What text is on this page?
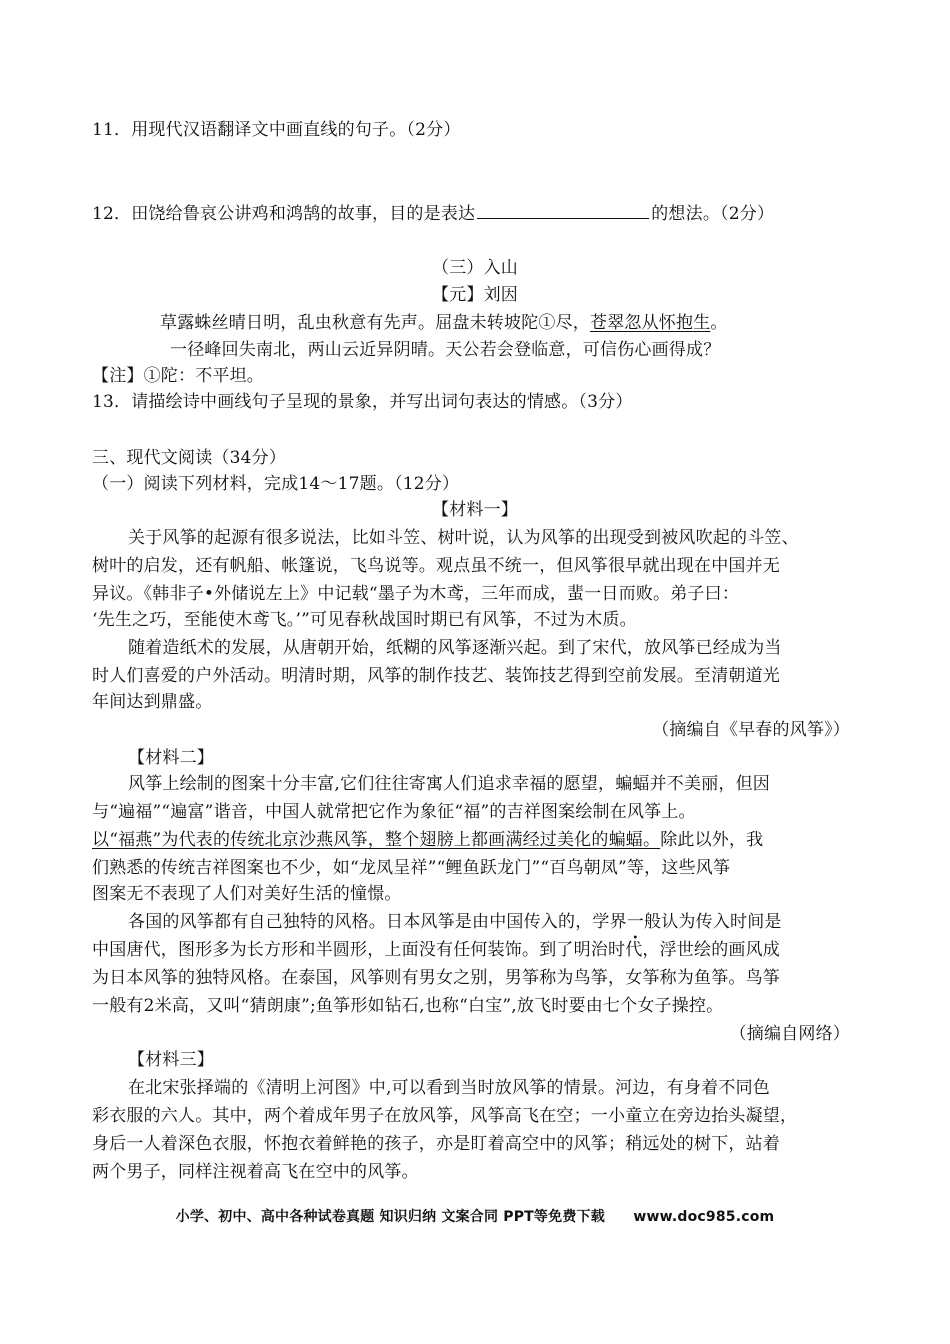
11．用现代汉语翻译文中画直线的句子。（2分）
12．田饶给鲁哀公讲鸡和鸿鹄的故事，目的是表达	的想法。（2分）
（三）入山
【元】刘因
草露蛛丝晴日明，乱虫秋意有先声。屈盘未转坡陀①尽，苍翠忽从怀抱生。
一径峰回失南北，两山云近异阴晴。天公若会登临意，可信伤心画得成？
【注】①陀：不平坦。
13．请描绘诗中画线句子呈现的景象，并写出词句表达的情感。（3分）
三、现代文阅读（34分）
（一）阅读下列材料，完成14～17题。（12分）
【材料一】
关于风筝的起源有很多说法，比如斗笠、树叶说，认为风筝的出现受到被风吹起的斗笠、
树叶的启发，还有帆船、帐篷说，飞鸟说等。观点虽不统一，但风筝很早就出现在中国并无
异议。《韩非子•外储说左上》中记载“墨子为木鸢，三年而成，蜚一日而败。弟子曰：
‘先生之巧，至能使木鸢飞。’”可见春秋战国时期已有风筝，不过为木质。
随着造纸术的发展，从唐朝开始，纸糊的风筝逐渐兴起。到了宋代，放风筝已经成为当
时人们喜爱的户外活动。明清时期，风筝的制作技艺、装饰技艺得到空前发展。至清朝道光
年间达到鼎盛。
（摘编自《早春的风筝》）
【材料二】
风筝上绘制的图案十分丰富,它们往往寄寓人们追求幸福的愿望，蝙蝠并不美丽，但因
与“遍福”“遍富”谐音，中国人就常把它作为象征“福”的吉祥图案绘制在风筝上。
以“福燕”为代表的传统北京沙燕风筝，整个翅膀上都画满经过美化的蝙蝠。除此以外，我
们熟悉的传统吉祥图案也不少，如“龙凤呈祥”“鲤鱼跃龙门”“百鸟朝凤”等，这些风筝
图案无不表现了人们对美好生活的憧憬。
各国的风筝都有自己独特的风格。日本风筝是由中国传入的，学界一般认为传入时间是
中国唐代，图形多为长方形和半圆形，上面没有任何装饰。到了明治时代，浮世绘的画风成
为日本风筝的独特风格。在泰国，风筝则有男女之别，男筝称为鸟筝，女筝称为鱼筝。鸟筝
一般有2米高，又叫“猜朗康”;鱼筝形如钻石,也称“白宝”,放飞时要由七个女子操控。
（摘编自网络）
【材料三】
在北宋张择端的《清明上河图》中,可以看到当时放风筝的情景。河边，有身着不同色
彩衣服的六人。其中，两个着成年男子在放风筝，风筝高飞在空；一小童立在旁边抬头凝望，
身后一人着深色衣服，怀抱衣着鲜艳的孩子，亦是盯着高空中的风筝；稍远处的树下，站着
两个男子，同样注视着高飞在空中的风筝。
小学、初中、高中各种试卷真题 知识归纳 文案合同 PPT等免费下载　　www.doc985.com
